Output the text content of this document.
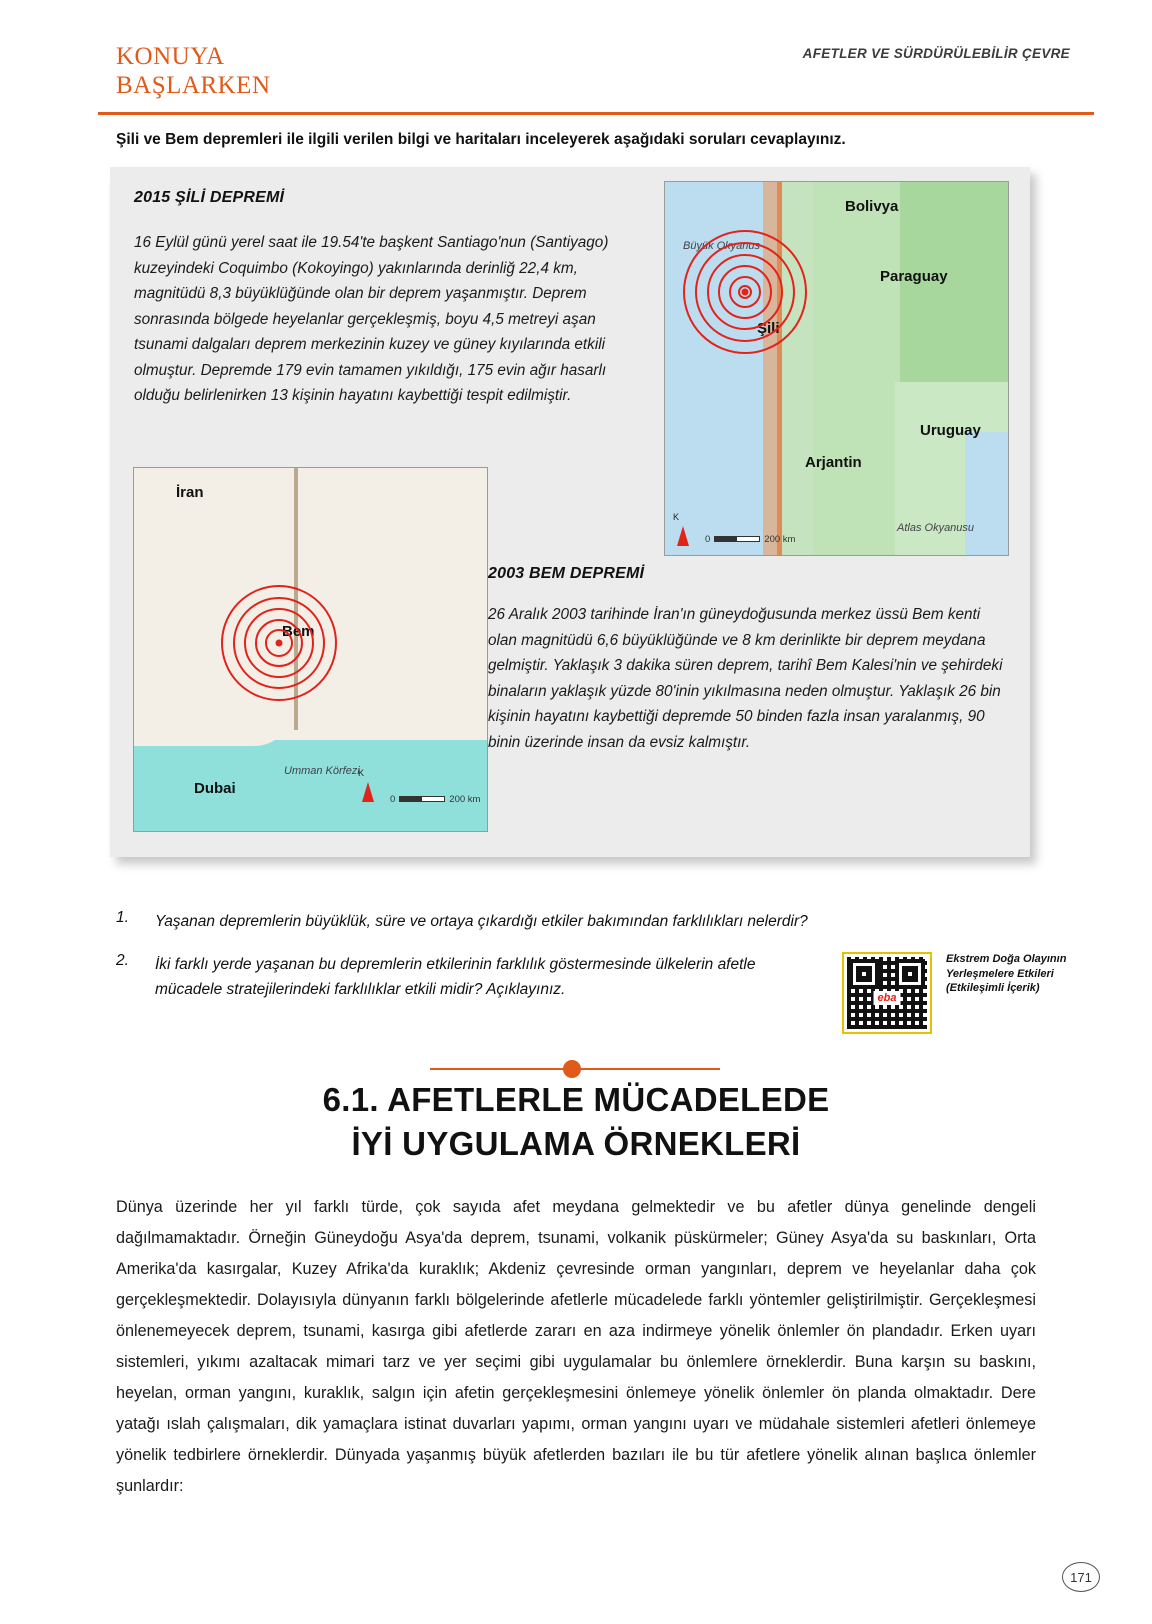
KONUYA
BAŞLARKEN
AFETLER VE SÜRDÜRÜLEBİLİR ÇEVRE
Şili ve Bem depremleri ile ilgili verilen bilgi ve haritaları inceleyerek aşağıdaki soruları cevaplayınız.
2015 ŞİLİ DEPREMİ
16 Eylül günü yerel saat ile 19.54'te başkent Santiago'nun (Santiyago) kuzeyindeki Coquimbo (Kokoyingo) yakınlarında derinliğ 22,4 km, magnitüdü 8,3 büyüklüğünde olan bir deprem yaşanmıştır. Deprem sonrasında bölgede heyelanlar gerçekleşmiş, boyu 4,5 metreyi aşan tsunami dalgaları deprem merkezinin kuzey ve güney kıyılarında etkili olmuştur. Depremde 179 evin tamamen yıkıldığı, 175 evin ağır hasarlı olduğu belirlenirken 13 kişinin hayatını kaybettiği tespit edilmiştir.
2003 BEM DEPREMİ
26 Aralık 2003 tarihinde İran'ın güneydoğusunda merkez üssü Bem kenti olan magnitüdü 6,6 büyüklüğünde ve 8 km derinlikte bir deprem meydana gelmiştir. Yaklaşık 3 dakika süren deprem, tarihî Bem Kalesi'nin ve şehirdeki binaların yaklaşık yüzde 80'inin yıkılmasına neden olmuştur. Yaklaşık 26 bin kişinin hayatını kaybettiği depremde 50 binden fazla insan yaralanmış, 90 binin üzerinde insan da evsiz kalmıştır.
Bolivya
Paraguay
Şili
Uruguay
Arjantin
Büyük Okyanus
Atlas Okyanusu
K
0	200 km
İran
Bem
Dubai
Umman Körfezi
K
0	200 km
1. Yaşanan depremlerin büyüklük, süre ve ortaya çıkardığı etkiler bakımından farklılıkları nelerdir?
2. İki farklı yerde yaşanan bu depremlerin etkilerinin farklılık göstermesinde ülkelerin afetle mücadele stratejilerindeki farklılıklar etkili midir? Açıklayınız.	eba
Ekstrem Doğa Olayının Yerleşmelere Etkileri (Etkileşimli İçerik)
6.1. AFETLERLE MÜCADELEDE
İYİ UYGULAMA ÖRNEKLERİ
Dünya üzerinde her yıl farklı türde, çok sayıda afet meydana gelmektedir ve bu afetler dünya genelinde dengeli dağılmamaktadır. Örneğin Güneydoğu Asya'da deprem, tsunami, volkanik püskürmeler; Güney Asya'da su baskınları, Orta Amerika'da kasırgalar, Kuzey Afrika'da kuraklık; Akdeniz çevresinde orman yangınları, deprem ve heyelanlar daha çok gerçekleşmektedir. Dolayısıyla dünyanın farklı bölgelerinde afetlerle mücadelede farklı yöntemler geliştirilmiştir. Gerçekleşmesi önlenemeyecek deprem, tsunami, kasırga gibi afetlerde zararı en aza indirmeye yönelik önlemler ön plandadır. Erken uyarı sistemleri, yıkımı azaltacak mimari tarz ve yer seçimi gibi uygulamalar bu önlemlere örneklerdir. Buna karşın su baskını, heyelan, orman yangını, kuraklık, salgın için afetin gerçekleşmesini önlemeye yönelik önlemler ön planda olmaktadır. Dere yatağı ıslah çalışmaları, dik yamaçlara istinat duvarları yapımı, orman yangını uyarı ve müdahale sistemleri afetleri önlemeye yönelik tedbirlere örneklerdir. Dünyada yaşanmış büyük afetlerden bazıları ile bu tür afetlere yönelik alınan başlıca önlemler şunlardır:
171
